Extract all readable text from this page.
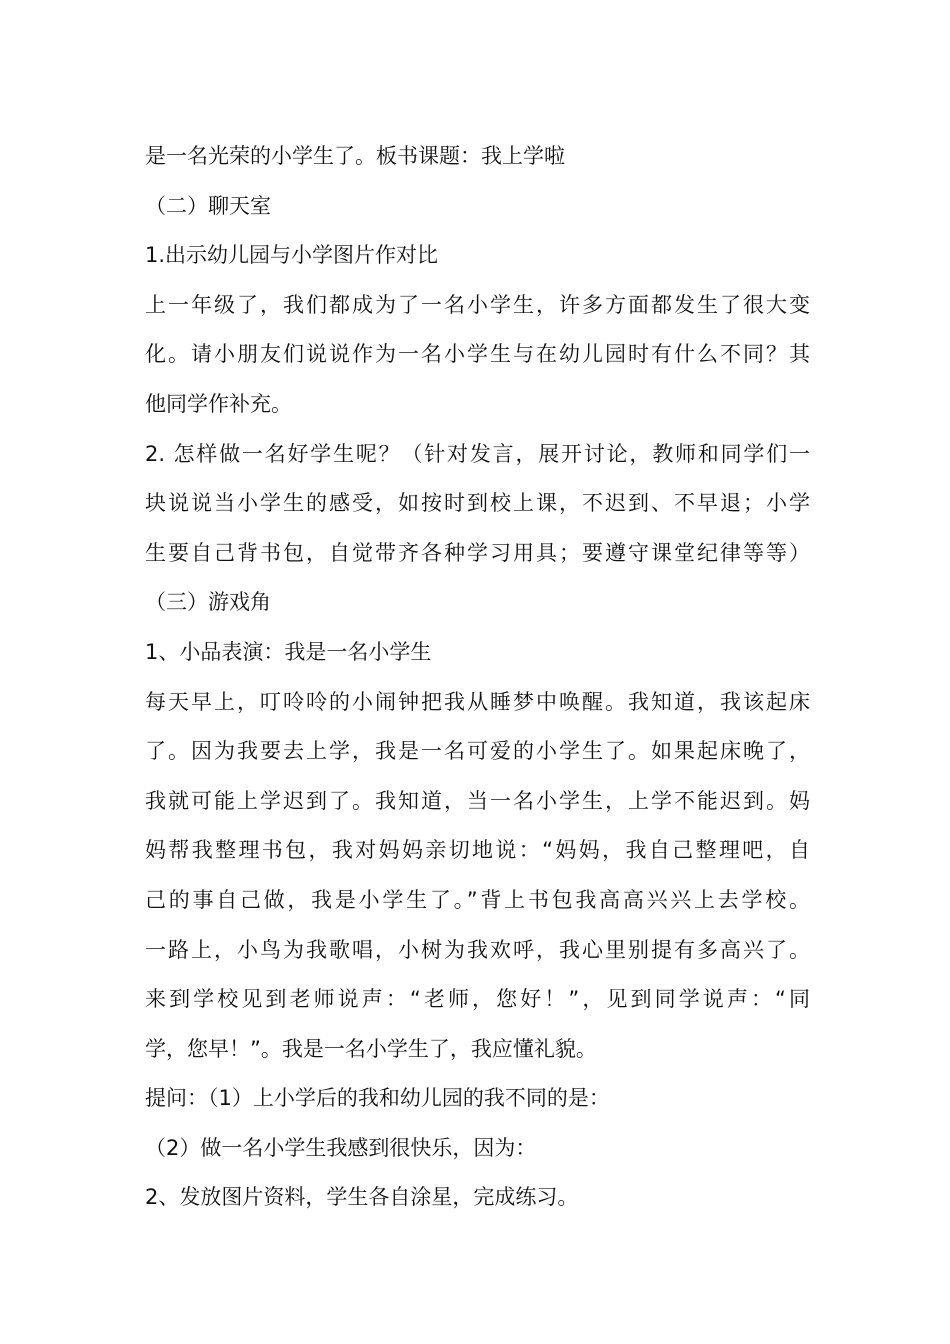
是一名光荣的小学生了。板书课题：我上学啦
（二）聊天室
1.出示幼儿园与小学图片作对比
上一年级了，我们都成为了一名小学生，许多方面都发生了很大变
化。请小朋友们说说作为一名小学生与在幼儿园时有什么不同？其
他同学作补充。
2. 怎样做一名好学生呢？（针对发言，展开讨论，教师和同学们一
块说说当小学生的感受，如按时到校上课，不迟到、不早退；小学
生要自己背书包，自觉带齐各种学习用具；要遵守课堂纪律等等）
（三）游戏角
1、小品表演：我是一名小学生
每天早上，叮呤呤的小闹钟把我从睡梦中唤醒。我知道，我该起床
了。因为我要去上学，我是一名可爱的小学生了。如果起床晚了，
我就可能上学迟到了。我知道，当一名小学生，上学不能迟到。妈
妈帮我整理书包，我对妈妈亲切地说：“妈妈，我自己整理吧，自
己的事自己做，我是小学生了。”背上书包我高高兴兴上去学校。
一路上，小鸟为我歌唱，小树为我欢呼，我心里别提有多高兴了。
来到学校见到老师说声：“老师，您好！”，见到同学说声：“同
学，您早！”。我是一名小学生了，我应懂礼貌。
提问：（1）上小学后的我和幼儿园的我不同的是：
（2）做一名小学生我感到很快乐，因为：
2、发放图片资料，学生各自涂星，完成练习。
